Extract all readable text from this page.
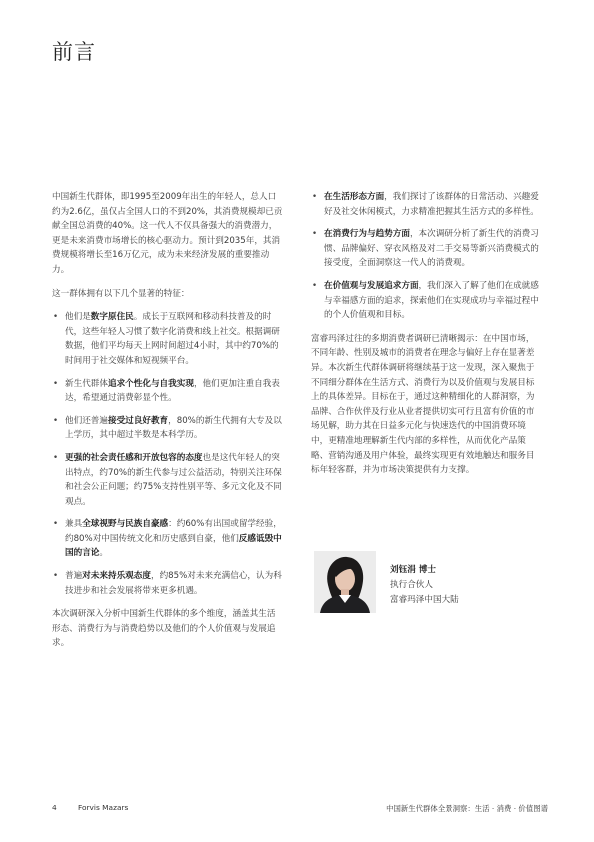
前言

中国新生代群体，即1995至2009年出生的年轻人，总人口约为2.6亿，虽仅占全国人口的不到20%，其消费规模却已贡献全国总消费的40%。这一代人不仅具备强大的消费潜力，更是未来消费市场增长的核心驱动力。预计到2035年，其消费规模将增长至16万亿元，成为未来经济发展的重要推动力。

这一群体拥有以下几个显著的特征：

• 他们是数字原住民。成长于互联网和移动科技普及的时代，这些年轻人习惯了数字化消费和线上社交。根据调研数据，他们平均每天上网时间超过4小时，其中约70%的时间用于社交媒体和短视频平台。
• 新生代群体追求个性化与自我实现，他们更加注重自我表达，希望通过消费彰显个性。
• 他们还普遍接受过良好教育，80%的新生代拥有大专及以上学历，其中超过半数是本科学历。
• 更强的社会责任感和开放包容的态度也是这代年轻人的突出特点，约70%的新生代参与过公益活动，特别关注环保和社会公正问题；约75%支持性别平等、多元文化及不同观点。
• 兼具全球视野与民族自豪感：约60%有出国或留学经验，约80%对中国传统文化和历史感到自豪，他们反感诋毁中国的言论。
• 普遍对未来持乐观态度，约85%对未来充满信心，认为科技进步和社会发展将带来更多机遇。

本次调研深入分析中国新生代群体的多个维度，涵盖其生活形态、消费行为与消费趋势以及他们的个人价值观与发展追求。

• 在生活形态方面，我们探讨了该群体的日常活动、兴趣爱好及社交休闲模式，力求精准把握其生活方式的多样性。
• 在消费行为与趋势方面，本次调研分析了新生代的消费习惯、品牌偏好、穿衣风格及对二手交易等新兴消费模式的接受度，全面洞察这一代人的消费观。
• 在价值观与发展追求方面，我们深入了解了他们在成就感与幸福感方面的追求，探索他们在实现成功与幸福过程中的个人价值观和目标。

富睿玛泽过往的多期消费者调研已清晰揭示：在中国市场，不同年龄、性别及城市的消费者在理念与偏好上存在显著差异。本次新生代群体调研将继续基于这一发现，深入聚焦于不同细分群体在生活方式、消费行为以及价值观与发展目标上的具体差异。目标在于，通过这种精细化的人群洞察，为品牌、合作伙伴及行业从业者提供切实可行且富有价值的市场见解，助力其在日益多元化与快速迭代的中国消费环境中，更精准地理解新生代内部的多样性，从而优化产品策略、营销沟通及用户体验，最终实现更有效地触达和服务目标年轻客群，并为市场决策提供有力支撑。

刘钰涓 博士
执行合伙人
富睿玛泽中国大陆
4	Forvis Mazars	中国新生代群体全景洞察：生活 · 消费 · 价值图谱
